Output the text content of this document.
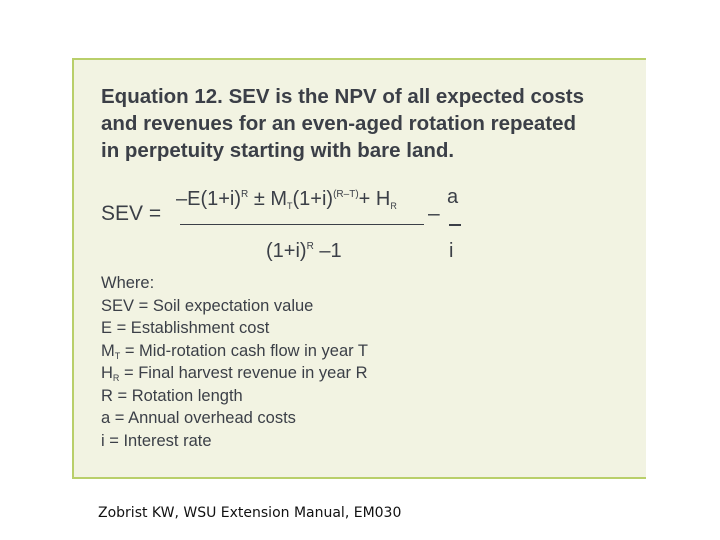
Equation 12. SEV is the NPV of all expected costs
and revenues for an even-aged rotation repeated
in perpetuity starting with bare land.
SEV =
$-E(1+i)^R \pm M_T(1+i)^{(R-T)}+ H_R$
$(1+i)^R$ –1
–
a
i
Where:
SEV = Soil expectation value
E = Establishment cost
$M_T$ = Mid-rotation cash flow in year T
$H_R$ = Final harvest revenue in year R
R = Rotation length
a = Annual overhead costs
i = Interest rate
Zobrist KW, WSU Extension Manual, EM030
